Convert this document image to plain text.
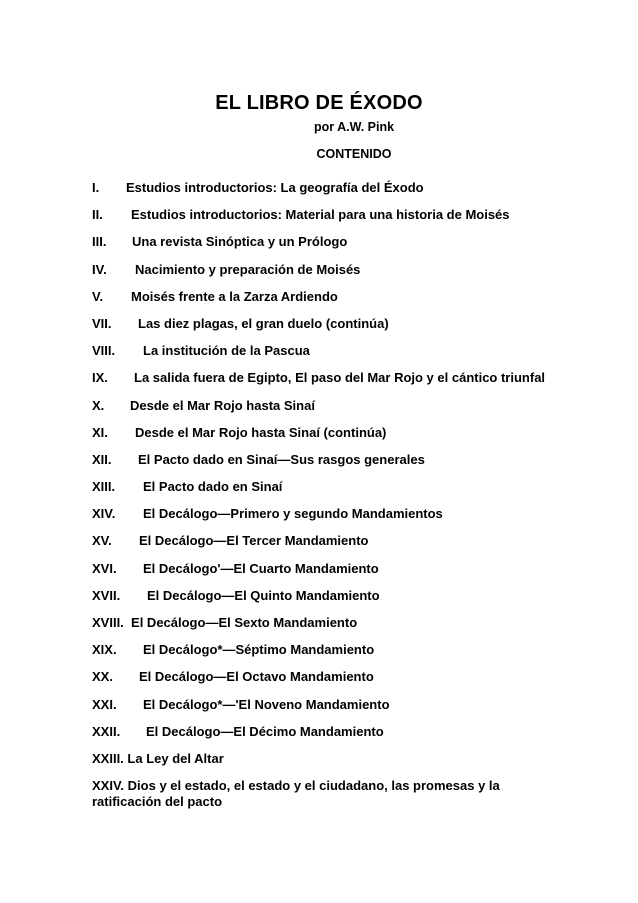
EL LIBRO DE ÉXODO
por A.W. Pink
CONTENIDO
I. Estudios introductorios: La geografía del Éxodo
II. Estudios introductorios: Material para una historia de Moisés
III. Una revista Sinóptica y un Prólogo
IV. Nacimiento y preparación de Moisés
V. Moisés frente a la Zarza Ardiendo
VII. Las diez plagas, el gran duelo (continúa)
VIII. La institución de la Pascua
IX. La salida fuera de Egipto, El paso del Mar Rojo y el cántico triunfal
X. Desde el Mar Rojo hasta Sinaí
XI. Desde el Mar Rojo hasta Sinaí (continúa)
XII. El Pacto dado en Sinaí—Sus rasgos generales
XIII. El Pacto dado en Sinaí
XIV. El Decálogo—Primero y segundo Mandamientos
XV. El Decálogo—El Tercer Mandamiento
XVI. El Decálogo'—El Cuarto Mandamiento
XVII. El Decálogo—El Quinto Mandamiento
XVIII. El Decálogo—El Sexto Mandamiento
XIX. El Decálogo*—Séptimo Mandamiento
XX. El Decálogo—El Octavo Mandamiento
XXI. El Decálogo*—'El Noveno Mandamiento
XXII. El Decálogo—El Décimo Mandamiento
XXIII. La Ley del Altar
XXIV. Dios y el estado, el estado y el ciudadano, las promesas y la ratificación del pacto
